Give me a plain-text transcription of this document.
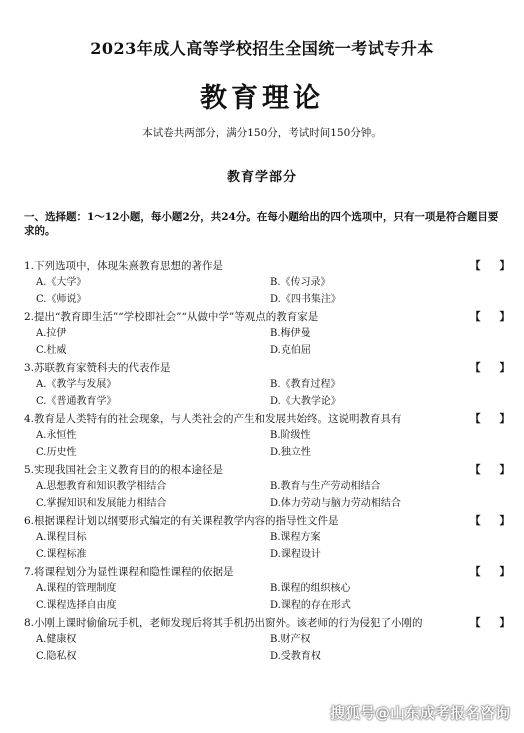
2023年成人高等学校招生全国统一考试专升本
教育理论
本试卷共两部分，满分150分，考试时间150分钟。
教育学部分
一、选择题：1～12小题，每小题2分，共24分。在每小题给出的四个选项中，只有一项是符合题目要求的。
1.下列选项中，体现朱熹教育思想的著作是	【 】
A.《大学》	B.《传习录》
C.《师说》	D.《四书集注》
2.提出“教育即生活”“学校即社会”“从做中学”等观点的教育家是	【 】
A.拉伊	B.梅伊曼
C.杜威	D.克伯屈
3.苏联教育家赞科夫的代表作是	【 】
A.《教学与发展》	B.《教育过程》
C.《普通教育学》	D.《大教学论》
4.教育是人类特有的社会现象，与人类社会的产生和发展共始终。这说明教育具有	【 】
A.永恒性	B.阶级性
C.历史性	D.独立性
5.实现我国社会主义教育目的的根本途径是	【 】
A.思想教育和知识教学相结合	B.教育与生产劳动相结合
C.掌握知识和发展能力相结合	D.体力劳动与脑力劳动相结合
6.根据课程计划以纲要形式编定的有关课程教学内容的指导性文件是	【 】
A.课程目标	B.课程方案
C.课程标准	D.课程设计
7.将课程划分为显性课程和隐性课程的依据是	【 】
A.课程的管理制度	B.课程的组织核心
C.课程选择自由度	D.课程的存在形式
8.小刚上课时偷偷玩手机，老师发现后将其手机扔出窗外。该老师的行为侵犯了小刚的	【 】
A.健康权	B.财产权
C.隐私权	D.受教育权
搜狐号@山东成考报名咨询
